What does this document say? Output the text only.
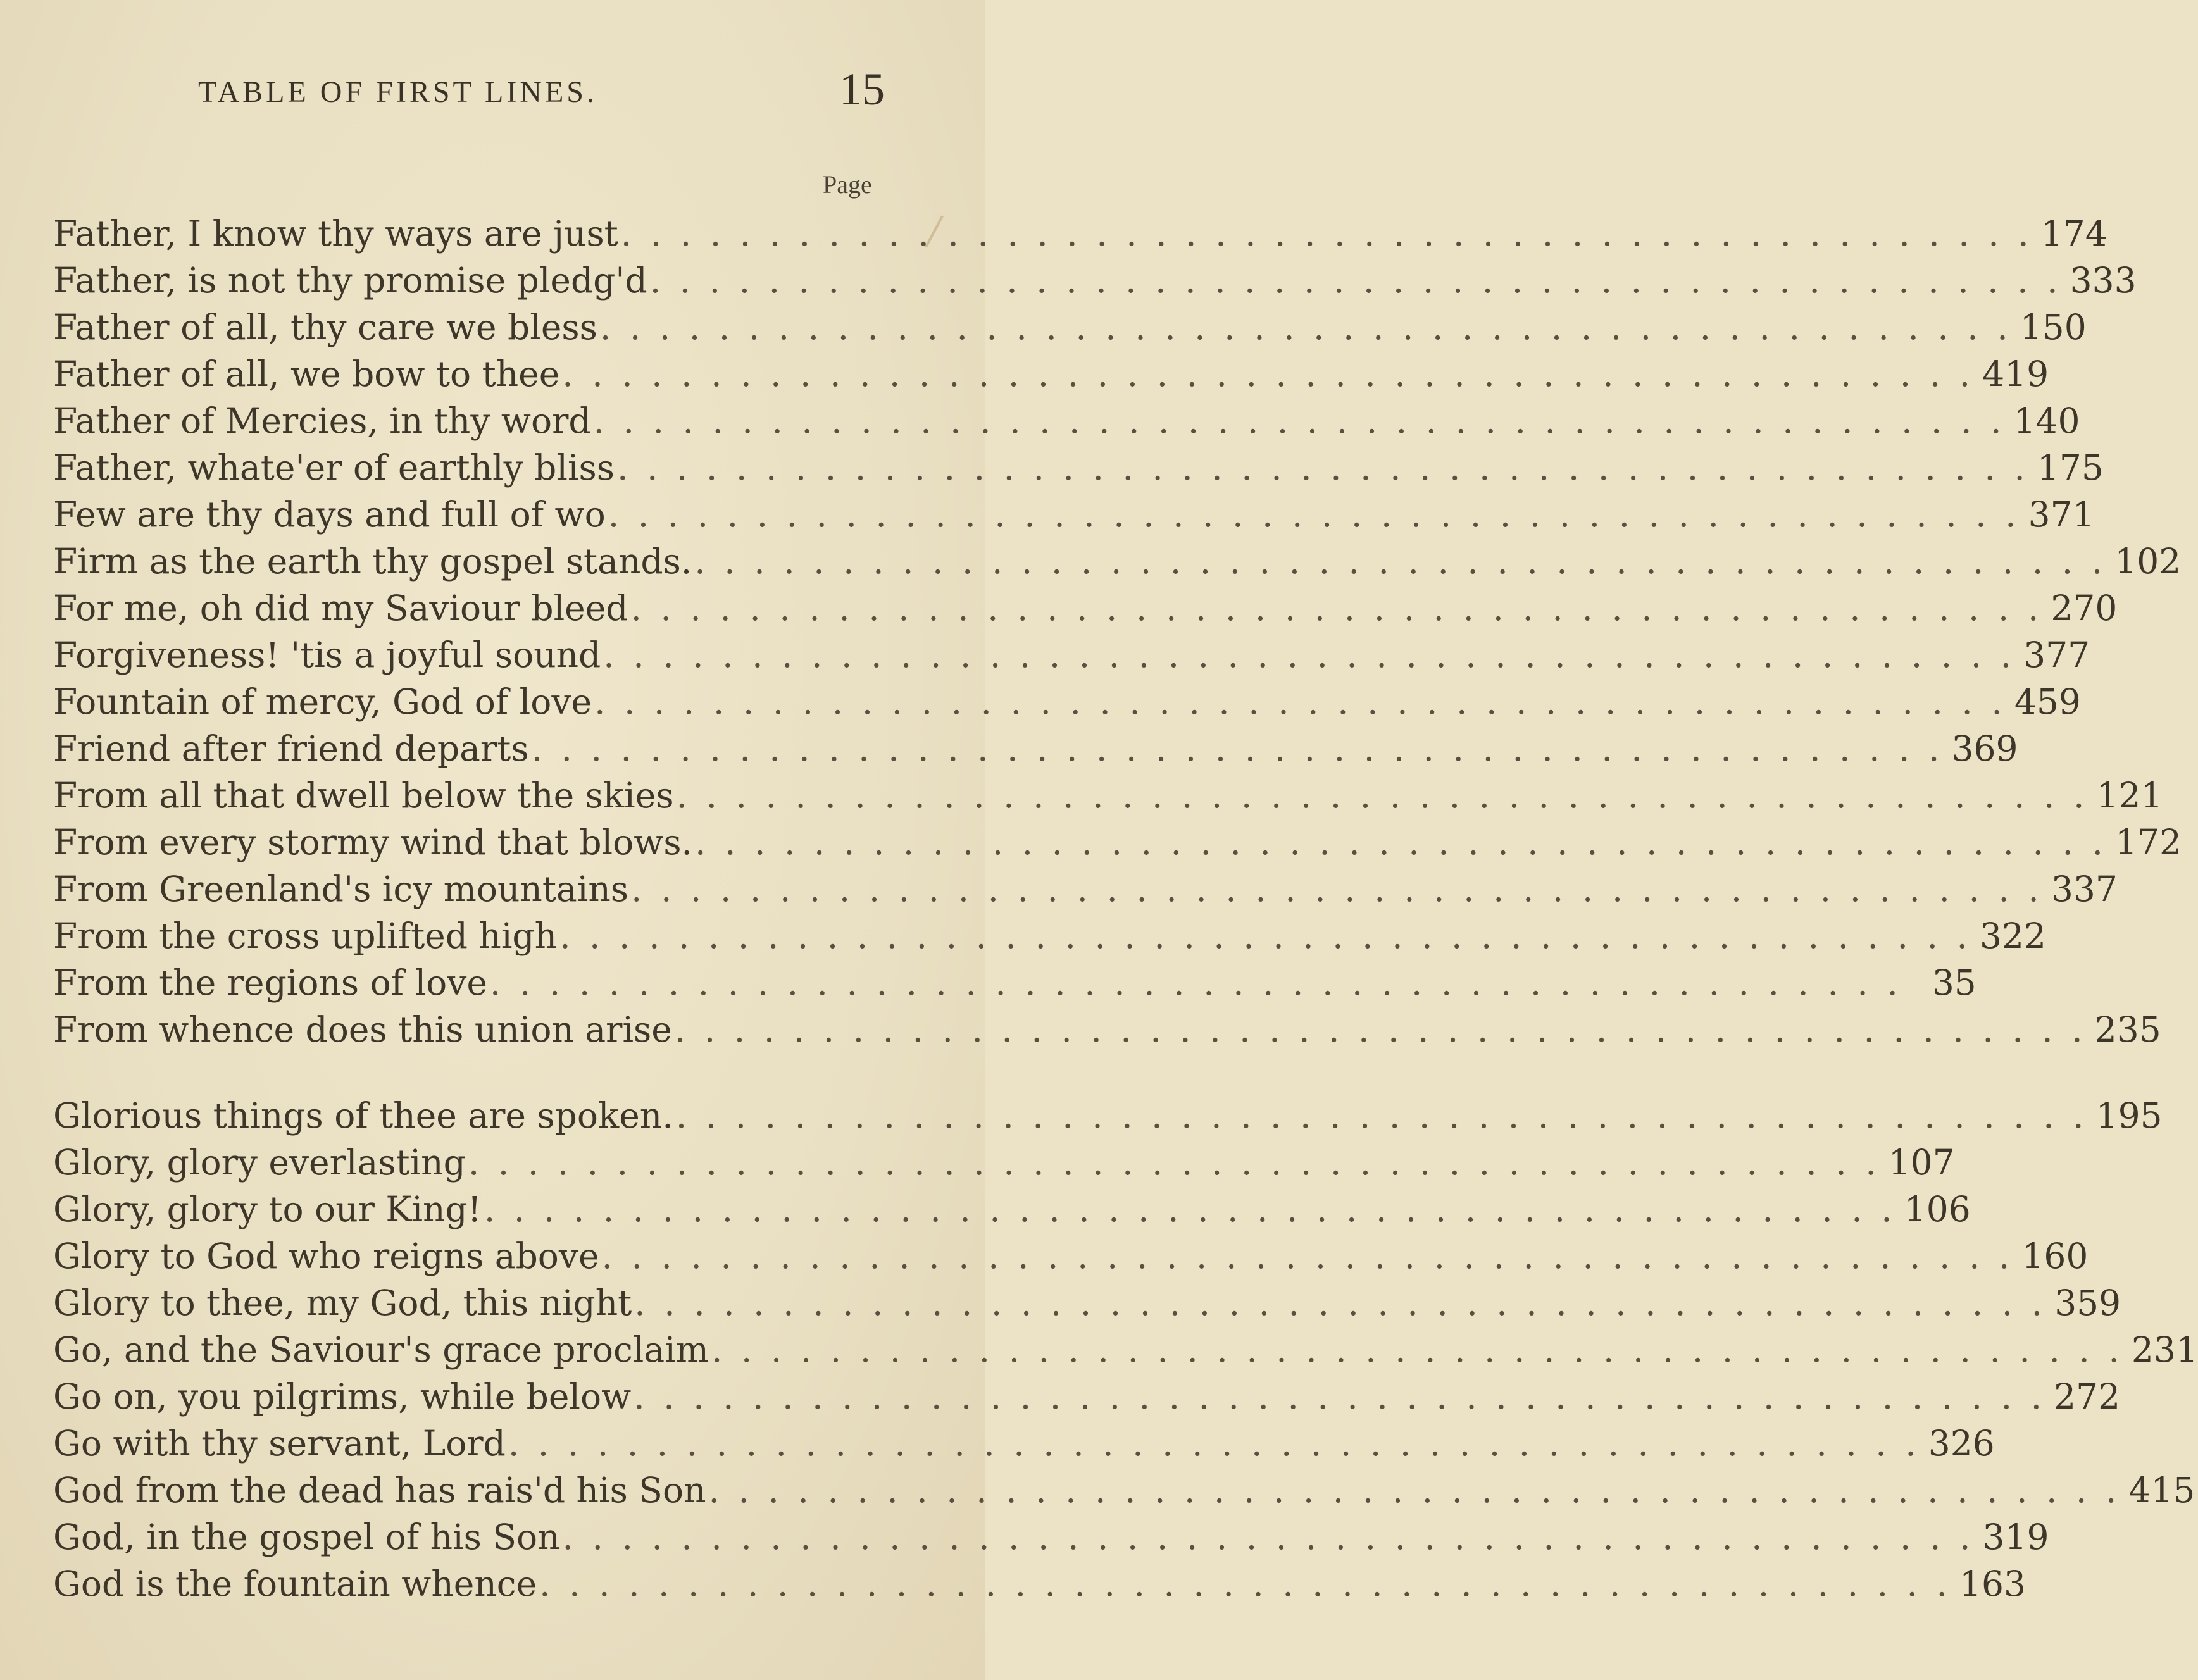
TABLE OF FIRST LINES.	15
Page
Father, I know thy ways are just . . .	174
Father, is not thy promise pledg'd . . .	333
Father of all, thy care we bless . . .	150
Father of all, we bow to thee . . .	419
Father of Mercies, in thy word . . .	140
Father, whate'er of earthly bliss . . .	175
Few are thy days and full of wo . . .	371
Firm as the earth thy gospel stands. . . .	102
For me, oh did my Saviour bleed . . .	270
Forgiveness! 'tis a joyful sound . . .	377
Fountain of mercy, God of love . . .	459
Friend after friend departs . . .	369
From all that dwell below the skies . . .	121
From every stormy wind that blows. . . .	172
From Greenland's icy mountains . . .	337
From the cross uplifted high . . .	322
From the regions of love . . .	35
From whence does this union arise . . .	235
Glorious things of thee are spoken. . . .	195
Glory, glory everlasting . . .	107
Glory, glory to our King! . . .	106
Glory to God who reigns above . . .	160
Glory to thee, my God, this night . . .	359
Go, and the Saviour's grace proclaim . . .	231
Go on, you pilgrims, while below . . .	272
Go with thy servant, Lord . . .	326
God from the dead has rais'd his Son . . .	415
God, in the gospel of his Son . . .	319
God is the fountain whence . . .	163
